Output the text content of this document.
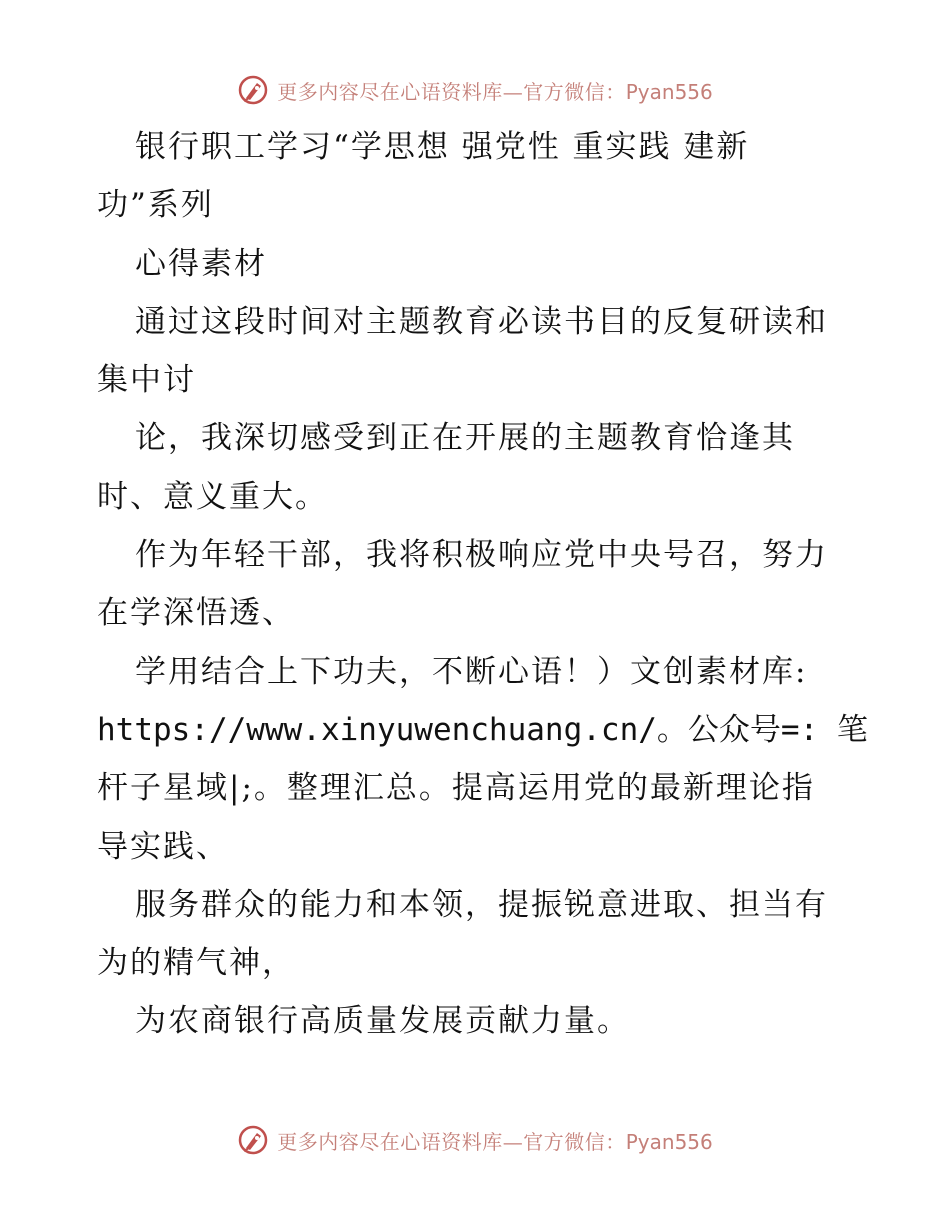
更多内容尽在心语资料库—官方微信： Pyan556
银行职工学习“学思想 强党性 重实践 建新
功”系列
心得素材
通过这段时间对主题教育必读书目的反复研读和
集中讨
论，我深切感受到正在开展的主题教育恰逢其
时、意义重大。
作为年轻干部，我将积极响应党中央号召，努力
在学深悟透、
学用结合上下功夫，不断心语！）文创素材库:
https://www.xinyuwenchuang.cn/。公众号=: 笔
杆子星域|;。整理汇总。提高运用党的最新理论指
导实践、
服务群众的能力和本领，提振锐意进取、担当有
为的精气神，
为农商银行高质量发展贡献力量。
更多内容尽在心语资料库—官方微信： Pyan556
